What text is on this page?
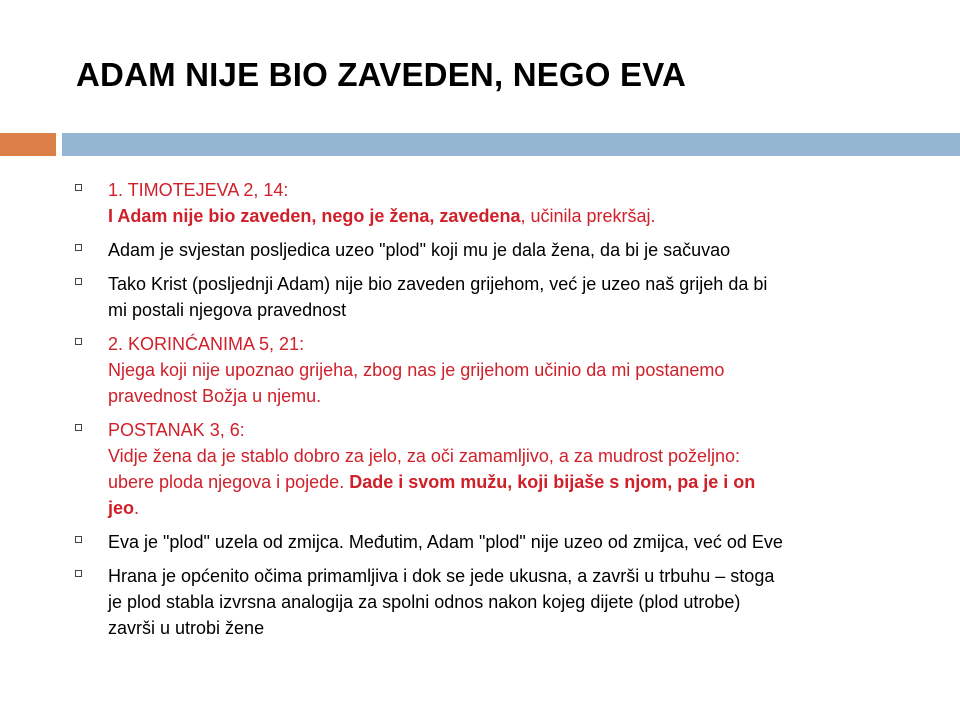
ADAM NIJE BIO ZAVEDEN, NEGO EVA
1. TIMOTEJEVA 2, 14:
I Adam nije bio zaveden, nego je žena, zavedena, učinila prekršaj.
Adam je svjestan posljedica uzeo "plod" koji mu je dala žena, da bi je sačuvao
Tako Krist (posljednji Adam) nije bio zaveden grijehom, već je uzeo naš grijeh da bi
mi postali njegova pravednost
2. KORINĆANIMA 5, 21:
Njega koji nije upoznao grijeha, zbog nas je grijehom učinio da mi postanemo
pravednost Božja u njemu.
POSTANAK 3, 6:
Vidje žena da je stablo dobro za jelo, za oči zamamljivo, a za mudrost poželjno:
ubere ploda njegova i pojede. Dade i svom mužu, koji bijaše s njom, pa je i on
jeo.
Eva je "plod" uzela od zmijca. Međutim, Adam "plod" nije uzeo od zmijca, već od Eve
Hrana je općenito očima primamljiva i dok se jede ukusna, a završi u trbuhu – stoga
je plod stabla izvrsna analogija za spolni odnos nakon kojeg dijete (plod utrobe)
završi u utrobi žene
